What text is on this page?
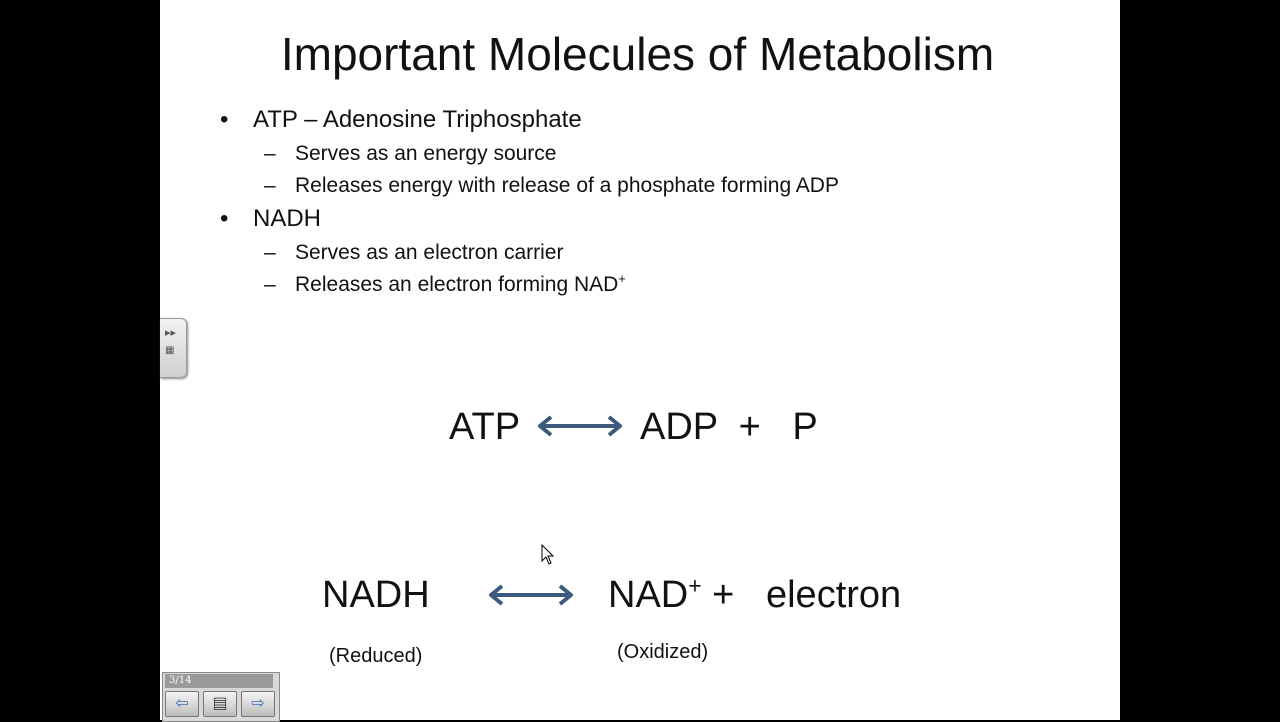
Important Molecules of Metabolism
• ATP – Adenosine Triphosphate
– Serves as an energy source
– Releases energy with release of a phosphate forming ADP
• NADH
– Serves as an electron carrier
– Releases an electron forming NAD+
ATP	ADP  +   P
NADH	NAD+ +   electron
(Reduced)	(Oxidized)
▸▸
▦
3/14
⇦	▤	⇨
